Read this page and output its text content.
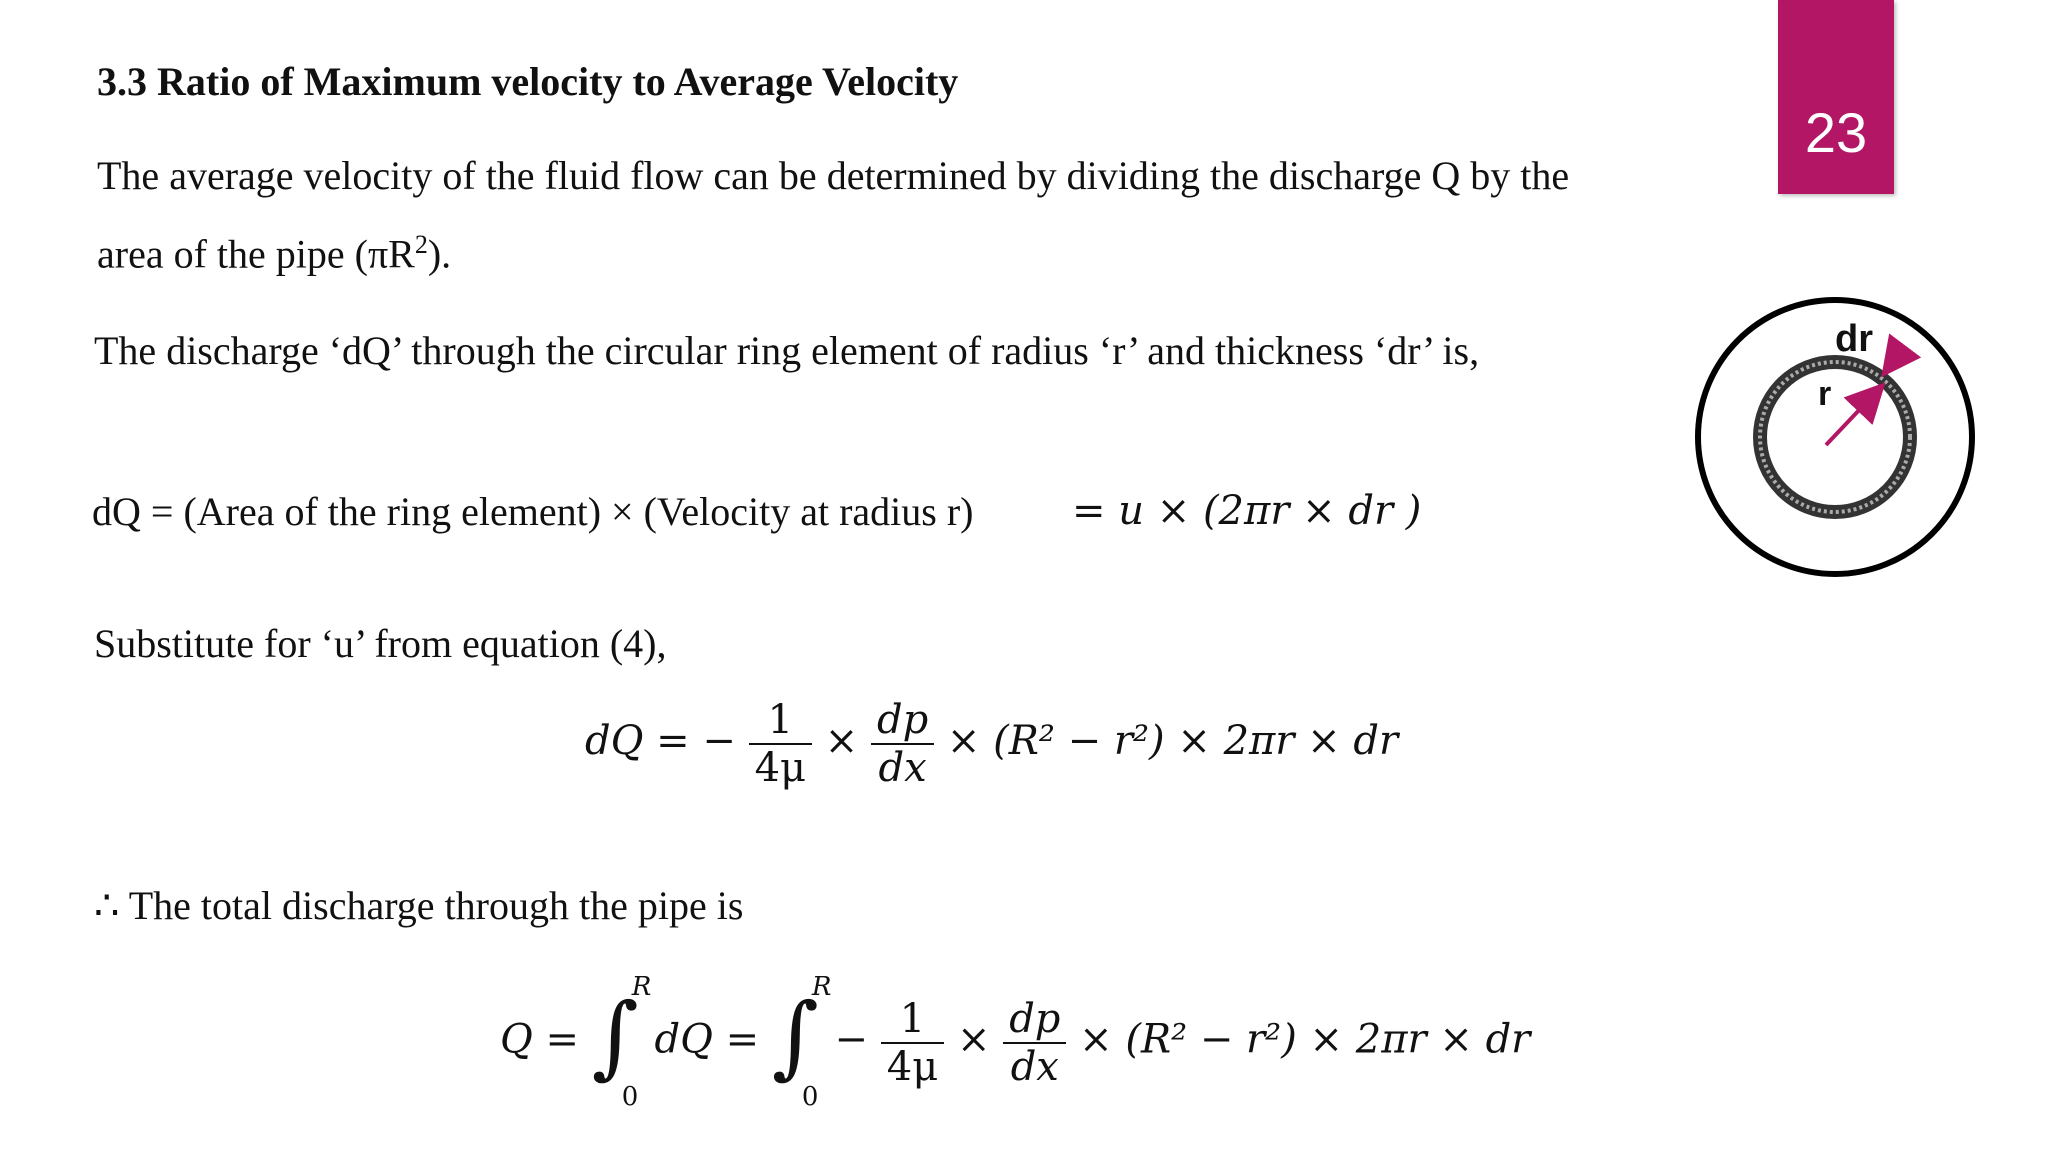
23
3.3 Ratio of Maximum velocity to Average Velocity
The average velocity of the fluid flow can be determined by dividing the discharge Q by the
area of the pipe $(\pi R^2)$.
The discharge ‘dQ’ through the circular ring element of radius ‘r’ and thickness ‘dr’ is,
dQ = (Area of the ring element) × (Velocity at radius r) = u × (2πr × dr )
Substitute for ‘u’ from equation (4),
dQ = − $\frac{1}{4\mu} \times \frac{dp}{dx} \times (R^2 - r^2) \times 2\pi r$ × dr
∴ The total discharge through the pipe is
Q = ∫
R
0
dQ = ∫
R
0
− $\frac{1}{4\mu} \times \frac{dp}{dx} \times (R^2 - r^2) \times 2\pi r$ × dr
dr
r
